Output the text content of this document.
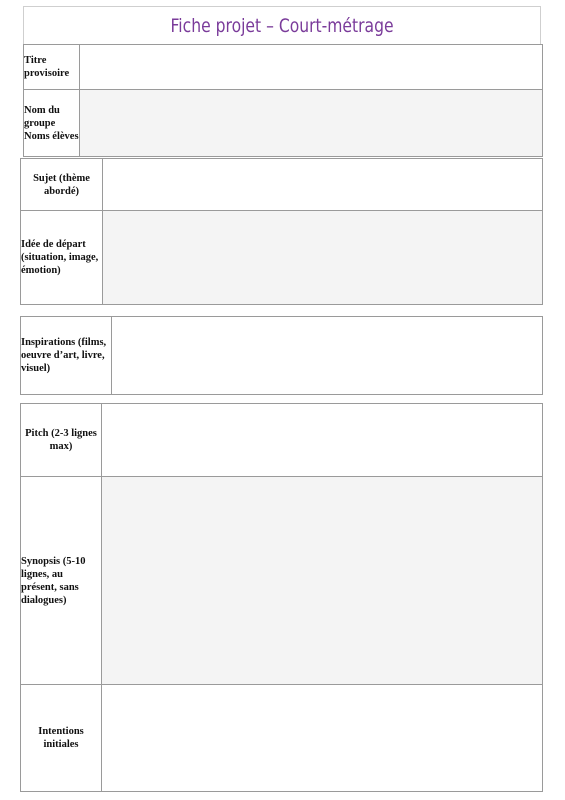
Fiche projet – Court-métrage
Titre provisoire	

Nom du groupe Noms élèves	

Sujet (thème abordé)	

Idée de départ (situation, image, émotion)	

Inspirations (films, oeuvre d’art, livre, visuel)

Pitch (2-3 lignes max)	

Synopsis (5-10 lignes, au présent, sans dialogues)	

Intentions initiales	
